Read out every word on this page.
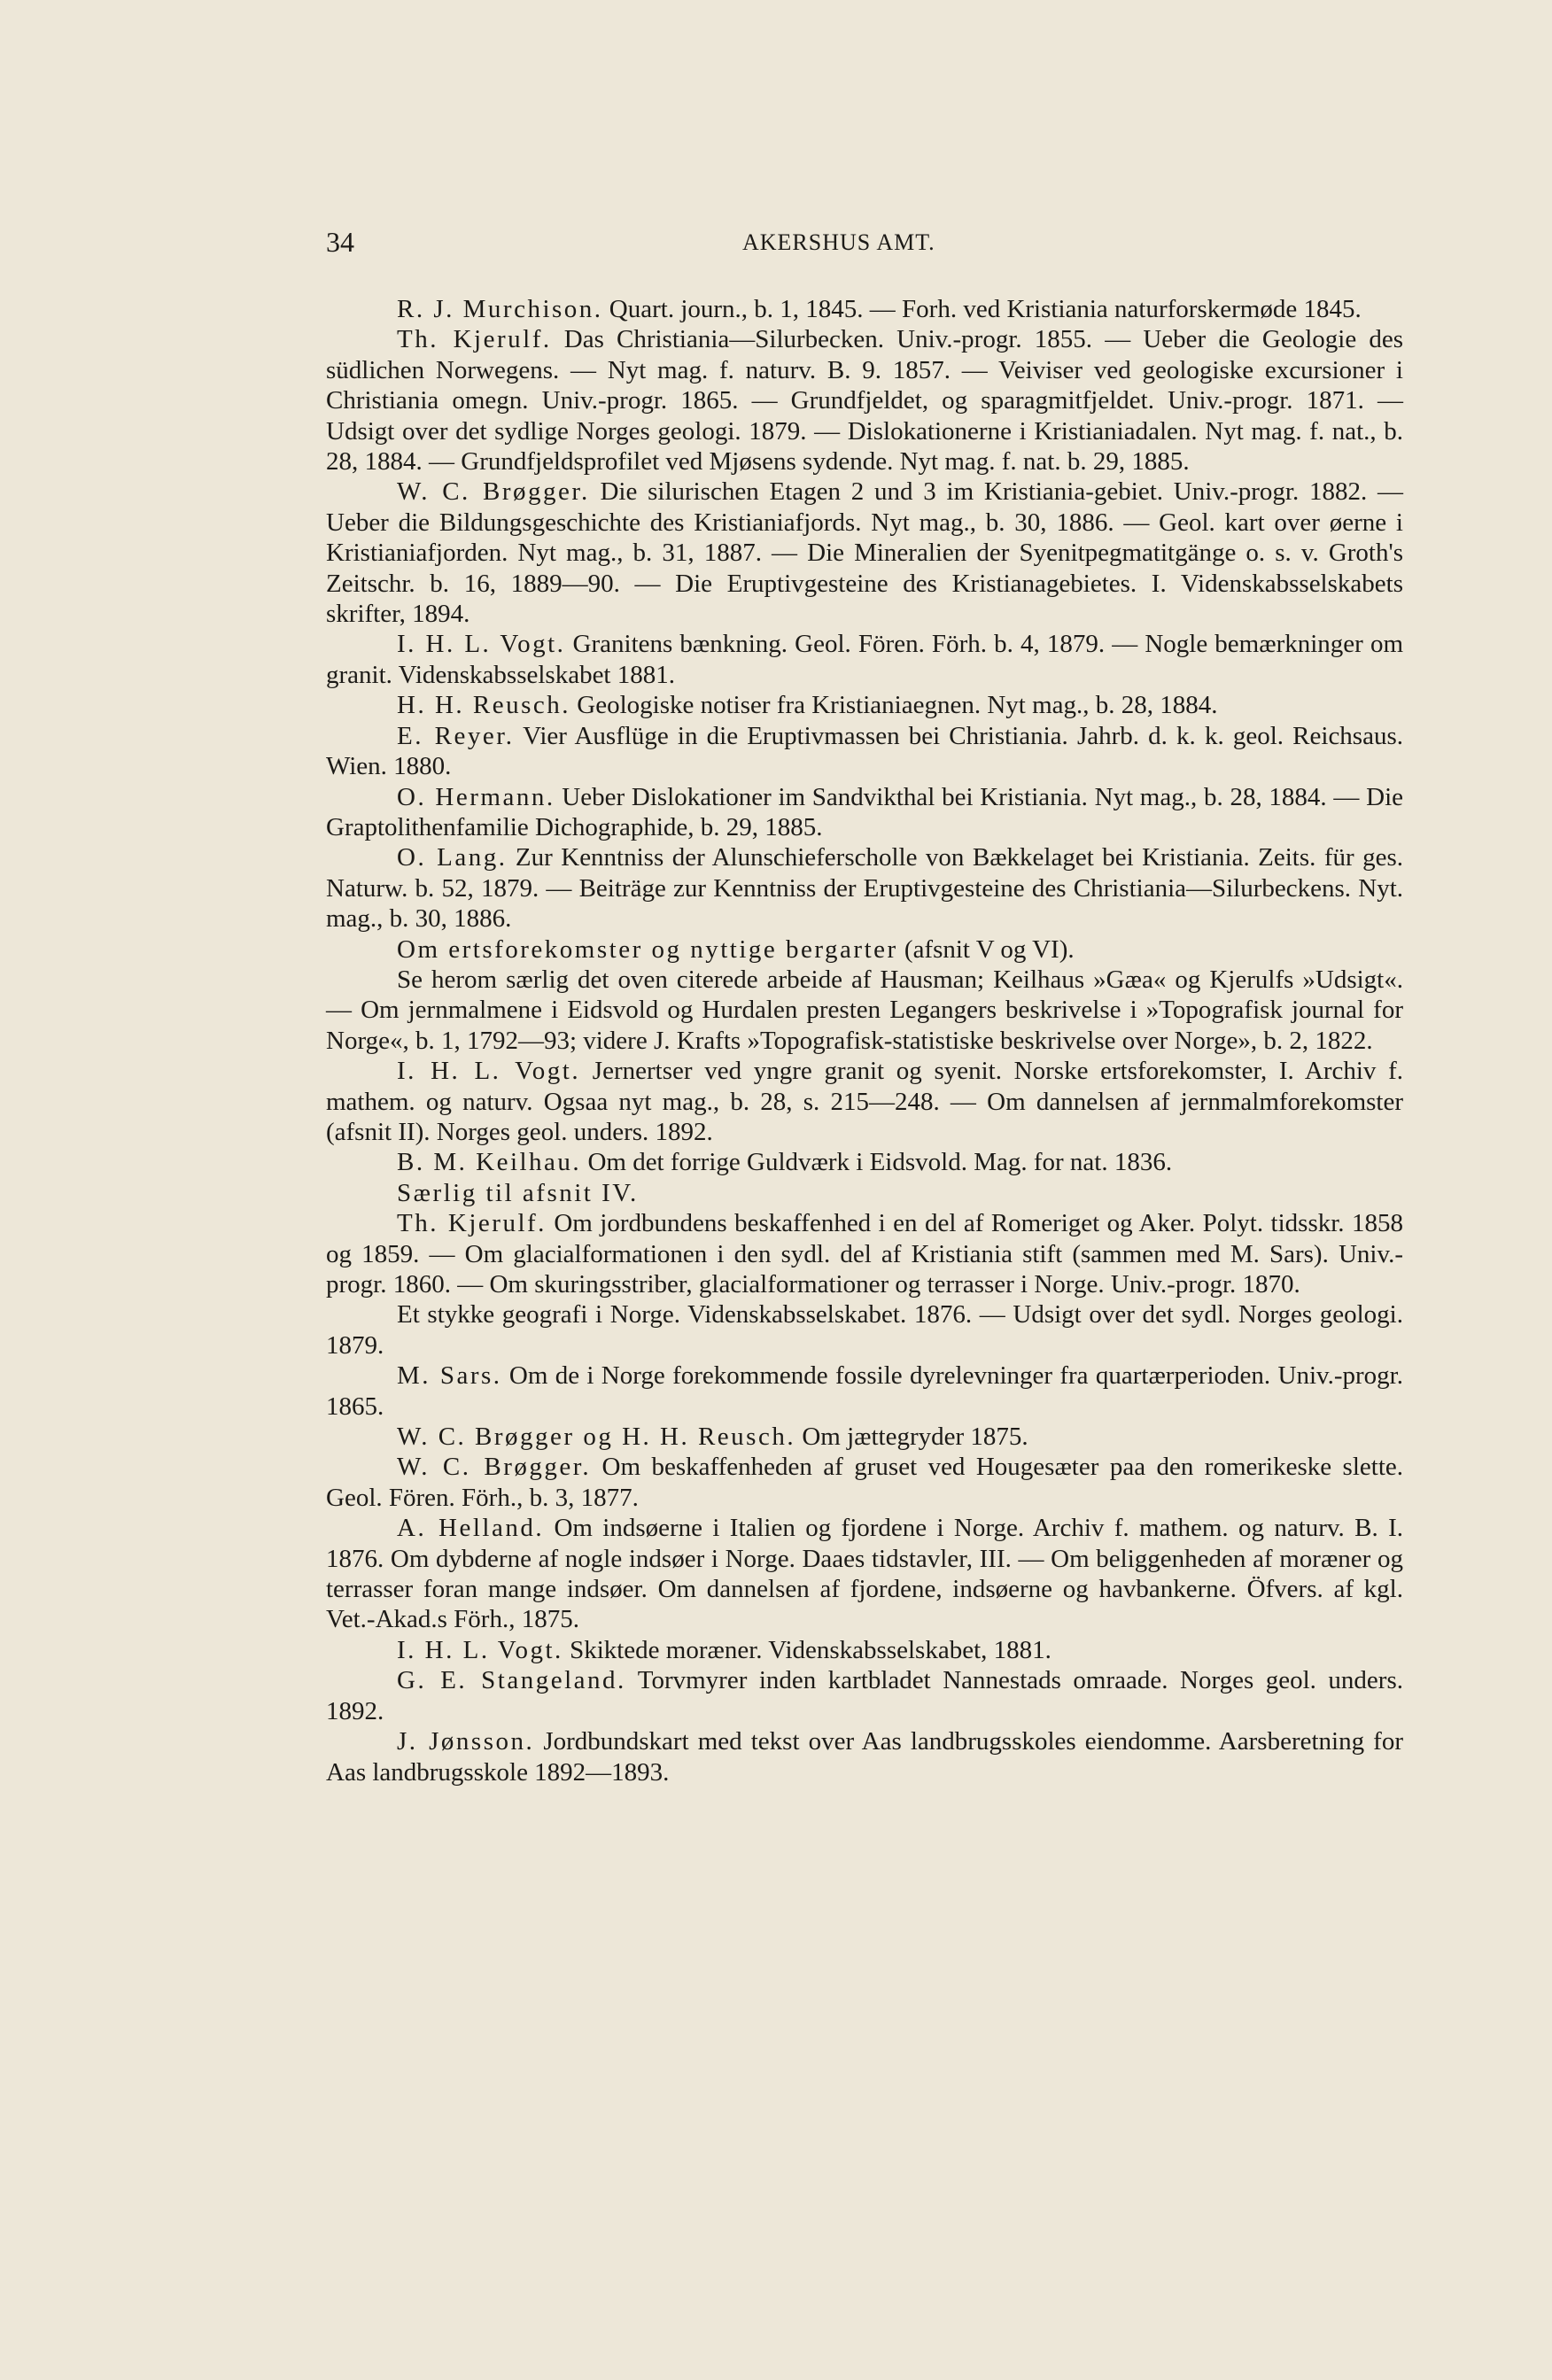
34	AKERSHUS AMT.

R. J. Murchison. Quart. journ., b. 1, 1845. — Forh. ved Kristiania naturforskermøde 1845.

Th. Kjerulf. Das Christiania—Silurbecken. Univ.-progr. 1855. — Ueber die Geologie des südlichen Norwegens. — Nyt mag. f. naturv. B. 9. 1857. — Veiviser ved geologiske excursioner i Christiania omegn. Univ.-progr. 1865. — Grundfjeldet, og sparagmitfjeldet. Univ.-progr. 1871. — Udsigt over det sydlige Norges geologi. 1879. — Dislokationerne i Kristianiadalen. Nyt mag. f. nat., b. 28, 1884. — Grundfjeldsprofilet ved Mjøsens sydende. Nyt mag. f. nat. b. 29, 1885.

W. C. Brøgger. Die silurischen Etagen 2 und 3 im Kristiania-gebiet. Univ.-progr. 1882. — Ueber die Bildungsgeschichte des Kristianiafjords. Nyt mag., b. 30, 1886. — Geol. kart over øerne i Kristianiafjorden. Nyt mag., b. 31, 1887. — Die Mineralien der Syenitpegmatitgänge o. s. v. Groth's Zeitschr. b. 16, 1889—90. — Die Eruptivgesteine des Kristianagebietes. I. Videnskabsselskabets skrifter, 1894.

I. H. L. Vogt. Granitens bænkning. Geol. Fören. Förh. b. 4, 1879. — Nogle bemærkninger om granit. Videnskabsselskabet 1881.

H. H. Reusch. Geologiske notiser fra Kristianiaegnen. Nyt mag., b. 28, 1884.

E. Reyer. Vier Ausflüge in die Eruptivmassen bei Christiania. Jahrb. d. k. k. geol. Reichsaus. Wien. 1880.

O. Hermann. Ueber Dislokationer im Sandvikthal bei Kristiania. Nyt mag., b. 28, 1884. — Die Graptolithenfamilie Dichographide, b. 29, 1885.

O. Lang. Zur Kenntniss der Alunschieferscholle von Bækkelaget bei Kristiania. Zeits. für ges. Naturw. b. 52, 1879. — Beiträge zur Kenntniss der Eruptivgesteine des Christiania—Silurbeckens. Nyt. mag., b. 30, 1886.

Om ertsforekomster og nyttige bergarter (afsnit V og VI).

Se herom særlig det oven citerede arbeide af Hausman; Keilhaus »Gæa« og Kjerulfs »Udsigt«. — Om jernmalmene i Eidsvold og Hurdalen presten Legangers beskrivelse i »Topografisk journal for Norge«, b. 1, 1792—93; videre J. Krafts »Topografisk-statistiske beskrivelse over Norge», b. 2, 1822.

I. H. L. Vogt. Jernertser ved yngre granit og syenit. Norske ertsforekomster, I. Archiv f. mathem. og naturv. Ogsaa nyt mag., b. 28, s. 215—248. — Om dannelsen af jernmalmforekomster (afsnit II). Norges geol. unders. 1892.

B. M. Keilhau. Om det forrige Guldværk i Eidsvold. Mag. for nat. 1836.

Særlig til afsnit IV.

Th. Kjerulf. Om jordbundens beskaffenhed i en del af Romeriget og Aker. Polyt. tidsskr. 1858 og 1859. — Om glacialformationen i den sydl. del af Kristiania stift (sammen med M. Sars). Univ.-progr. 1860. — Om skuringsstriber, glacialformationer og terrasser i Norge. Univ.-progr. 1870.

Et stykke geografi i Norge. Videnskabsselskabet. 1876. — Udsigt over det sydl. Norges geologi. 1879.

M. Sars. Om de i Norge forekommende fossile dyrelevninger fra quartærperioden. Univ.-progr. 1865.

W. C. Brøgger og H. H. Reusch. Om jættegryder 1875.

W. C. Brøgger. Om beskaffenheden af gruset ved Hougesæter paa den romerikeske slette. Geol. Fören. Förh., b. 3, 1877.

A. Helland. Om indsøerne i Italien og fjordene i Norge. Archiv f. mathem. og naturv. B. I. 1876. Om dybderne af nogle indsøer i Norge. Daaes tidstavler, III. — Om beliggenheden af moræner og terrasser foran mange indsøer. Om dannelsen af fjordene, indsøerne og havbankerne. Öfvers. af kgl. Vet.-Akad.s Förh., 1875.

I. H. L. Vogt. Skiktede moræner. Videnskabsselskabet, 1881.

G. E. Stangeland. Torvmyrer inden kartbladet Nannestads omraade. Norges geol. unders. 1892.

J. Jønsson. Jordbundskart med tekst over Aas landbrugsskoles eiendomme. Aarsberetning for Aas landbrugsskole 1892—1893.
